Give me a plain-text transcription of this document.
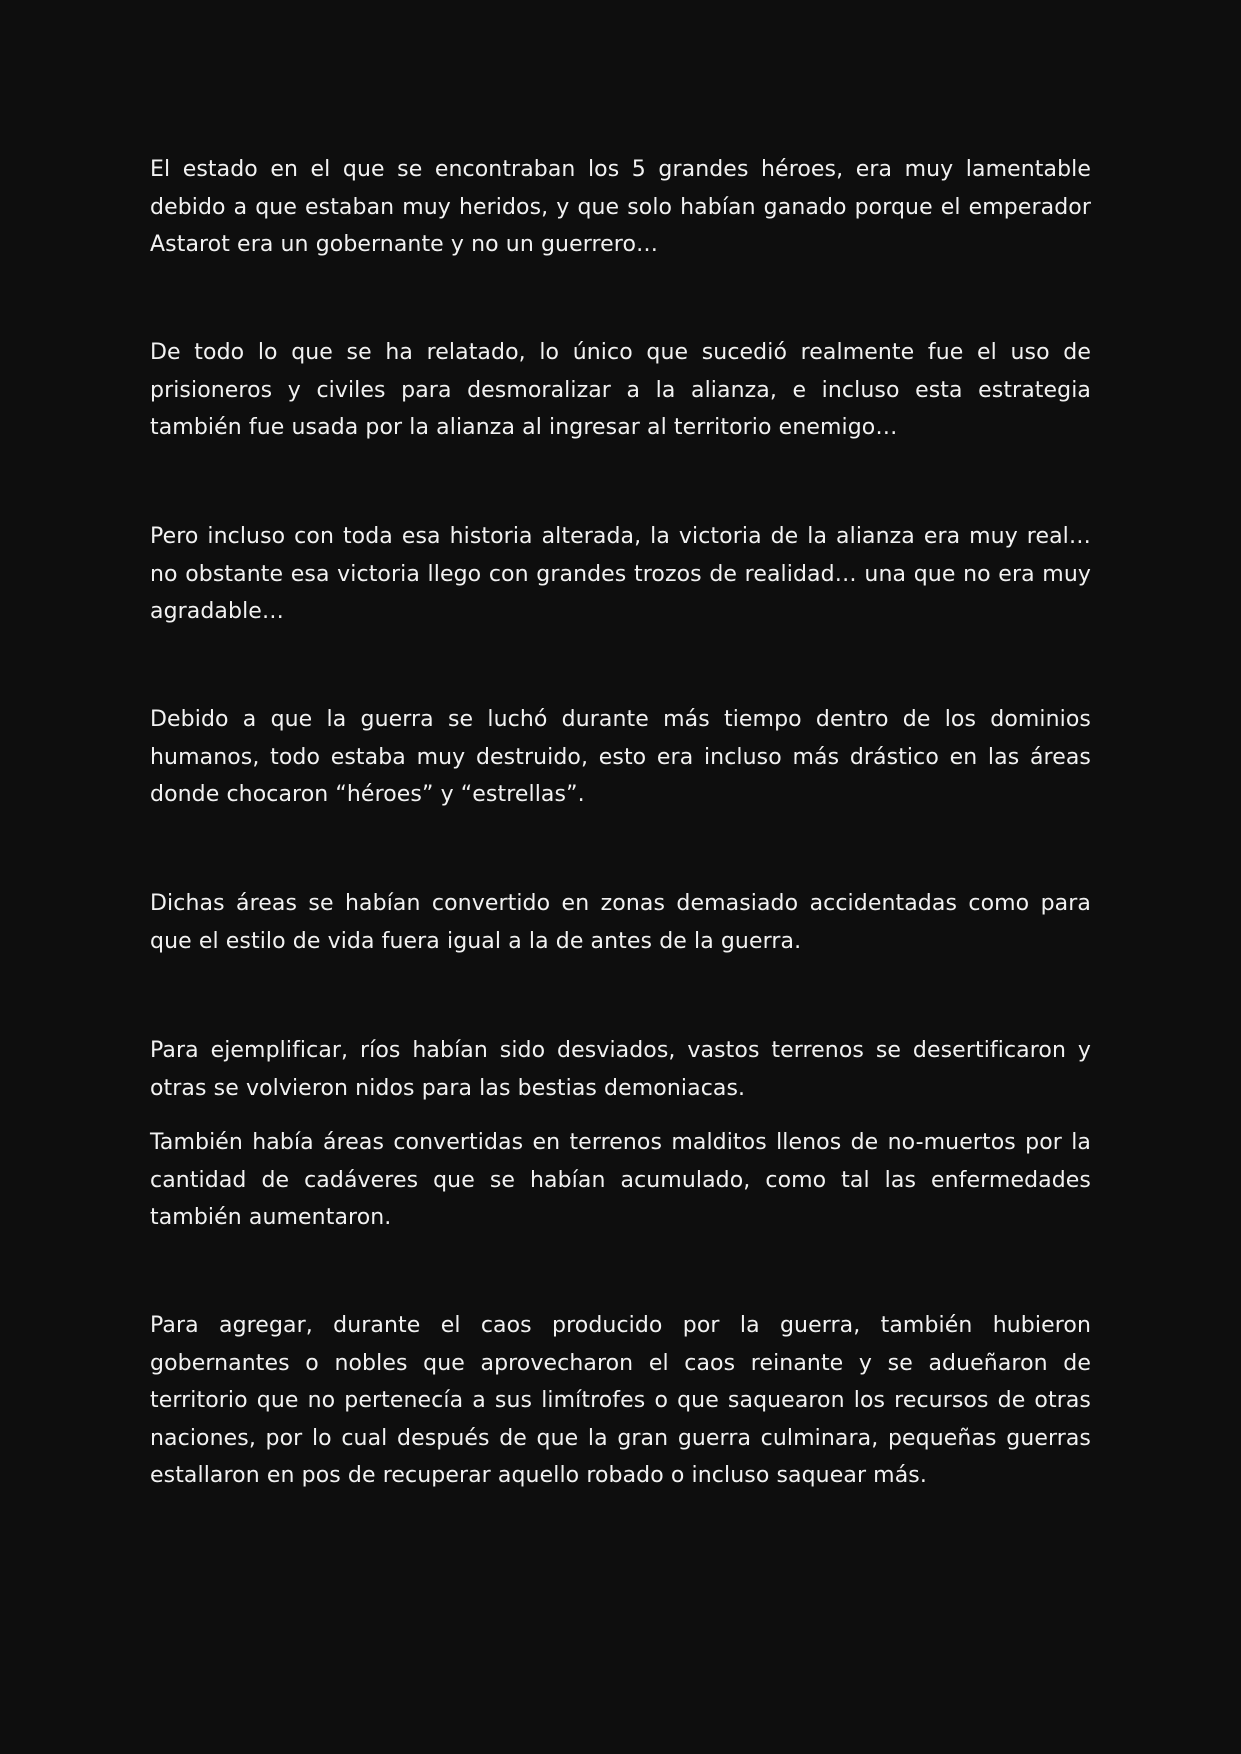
El estado en el que se encontraban los 5 grandes héroes, era muy lamentable debido a que estaban muy heridos, y que solo habían ganado porque el emperador Astarot era un gobernante y no un guerrero…

De todo lo que se ha relatado, lo único que sucedió realmente fue el uso de prisioneros y civiles para desmoralizar a la alianza, e incluso esta estrategia también fue usada por la alianza al ingresar al territorio enemigo…

Pero incluso con toda esa historia alterada, la victoria de la alianza era muy real… no obstante esa victoria llego con grandes trozos de realidad… una que no era muy agradable…

Debido a que la guerra se luchó durante más tiempo dentro de los dominios humanos, todo estaba muy destruido, esto era incluso más drástico en las áreas donde chocaron “héroes” y “estrellas”.

Dichas áreas se habían convertido en zonas demasiado accidentadas como para que el estilo de vida fuera igual a la de antes de la guerra.

Para ejemplificar, ríos habían sido desviados, vastos terrenos se desertificaron y otras se volvieron nidos para las bestias demoniacas.

También había áreas convertidas en terrenos malditos llenos de no-muertos por la cantidad de cadáveres que se habían acumulado, como tal las enfermedades también aumentaron.

Para agregar, durante el caos producido por la guerra, también hubieron gobernantes o nobles que aprovecharon el caos reinante y se adueñaron de territorio que no pertenecía a sus limítrofes o que saquearon los recursos de otras naciones, por lo cual después de que la gran guerra culminara, pequeñas guerras estallaron en pos de recuperar aquello robado o incluso saquear más.
